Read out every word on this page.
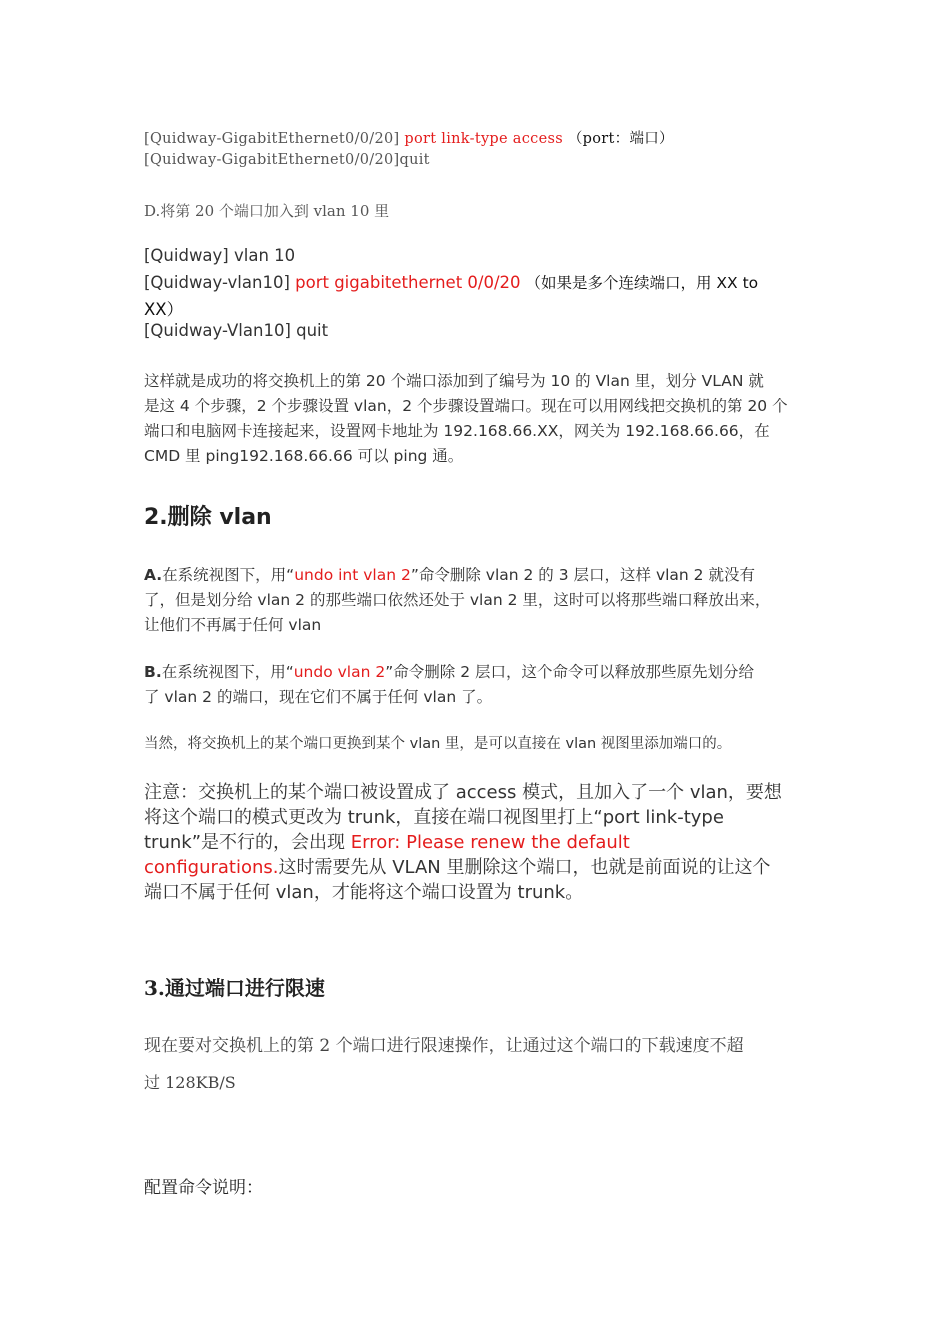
[Quidway-GigabitEthernet0/0/20] port link-type access （port：端口）
[Quidway-GigabitEthernet0/0/20]quit
D.将第 20 个端口加入到 vlan 10 里
[Quidway] vlan 10
[Quidway-vlan10] port gigabitethernet 0/0/20 （如果是多个连续端口，用 XX to
XX）
[Quidway-Vlan10] quit
这样就是成功的将交换机上的第 20 个端口添加到了编号为 10 的 Vlan 里，划分 VLAN 就
是这 4 个步骤，2 个步骤设置 vlan，2 个步骤设置端口。现在可以用网线把交换机的第 20 个
端口和电脑网卡连接起来，设置网卡地址为 192.168.66.XX，网关为 192.168.66.66，在
CMD 里 ping192.168.66.66 可以 ping 通。
2.删除 vlan
A.在系统视图下，用“undo int vlan 2”命令删除 vlan 2 的 3 层口，这样 vlan 2 就没有
了，但是划分给 vlan 2 的那些端口依然还处于 vlan 2 里，这时可以将那些端口释放出来，
让他们不再属于任何 vlan
B.在系统视图下，用“undo vlan 2”命令删除 2 层口，这个命令可以释放那些原先划分给
了 vlan 2 的端口，现在它们不属于任何 vlan 了。
当然，将交换机上的某个端口更换到某个 vlan 里，是可以直接在 vlan 视图里添加端口的。
注意：交换机上的某个端口被设置成了 access 模式，且加入了一个 vlan，要想
将这个端口的模式更改为 trunk，直接在端口视图里打上“port link-type
trunk”是不行的，会出现 Error: Please renew the default
configurations.这时需要先从 VLAN 里删除这个端口，也就是前面说的让这个
端口不属于任何 vlan，才能将这个端口设置为 trunk。
3.通过端口进行限速
现在要对交换机上的第 2 个端口进行限速操作，让通过这个端口的下载速度不超
过 128KB/S
配置命令说明：
